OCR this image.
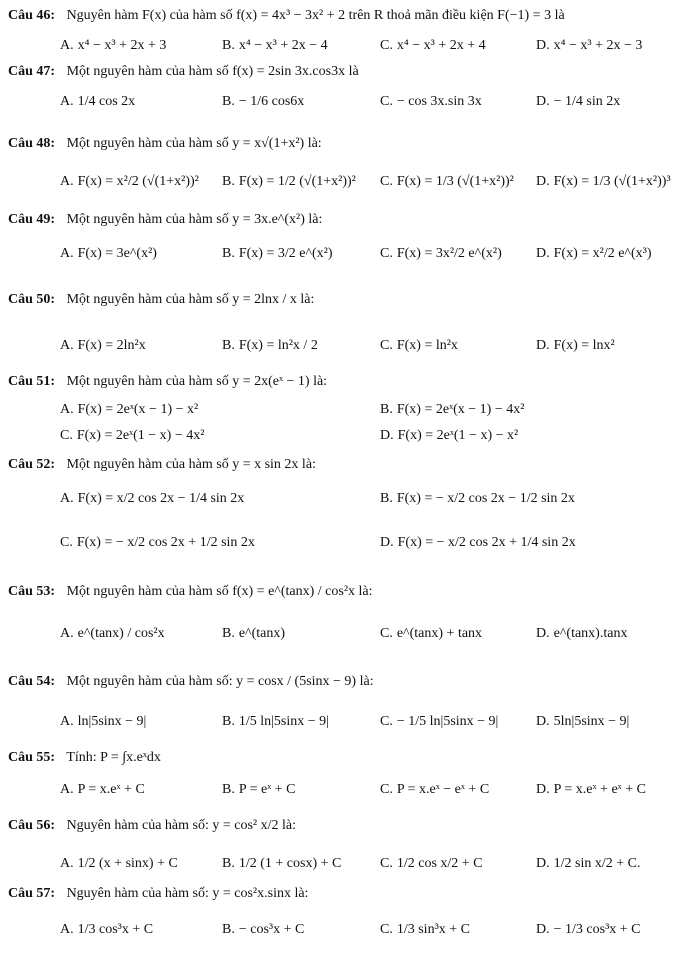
Câu 46: Nguyên hàm F(x) của hàm số f(x) = 4x³ − 3x² + 2 trên R thoả mãn điều kiện F(−1) = 3 là
A. x⁴ − x³ + 2x + 3	B. x⁴ − x³ + 2x − 4	C. x⁴ − x³ + 2x + 4	D. x⁴ − x³ + 2x − 3
Câu 47: Một nguyên hàm của hàm số f(x) = 2sin 3x.cos3x là
A. 1/4 cos 2x	B. − 1/6 cos6x	C. − cos 3x.sin 3x	D. − 1/4 sin 2x
Câu 48: Một nguyên hàm của hàm số y = x√(1+x²) là:
A. F(x) = x²/2 (√(1+x²))² B. F(x) = 1/2 (√(1+x²))² C. F(x) = 1/3 (√(1+x²))² D. F(x) = 1/3 (√(1+x²))³
Câu 49: Một nguyên hàm của hàm số y = 3x.e^(x²) là:
A. F(x) = 3e^(x²)	B. F(x) = 3/2 e^(x²)	C. F(x) = 3x²/2 e^(x²) D. F(x) = x²/2 e^(x³)
Câu 50: Một nguyên hàm của hàm số y = 2lnx / x là:
A. F(x) = 2ln²x	B. F(x) = ln²x / 2	C. F(x) = ln²x	D. F(x) = lnx²
Câu 51: Một nguyên hàm của hàm số y = 2x(eˣ − 1) là:
A. F(x) = 2eˣ(x − 1) − x²	B. F(x) = 2eˣ(x − 1) − 4x²
C. F(x) = 2eˣ(1 − x) − 4x²	D. F(x) = 2eˣ(1 − x) − x²
Câu 52: Một nguyên hàm của hàm số y = x sin 2x là:
A. F(x) = x/2 cos 2x − 1/4 sin 2x	B. F(x) = − x/2 cos 2x − 1/2 sin 2x
C. F(x) = − x/2 cos 2x + 1/2 sin 2x	D. F(x) = − x/2 cos 2x + 1/4 sin 2x
Câu 53: Một nguyên hàm của hàm số f(x) = e^(tanx) / cos²x là:
A. e^(tanx) / cos²x	B. e^(tanx)	C. e^(tanx) + tanx	D. e^(tanx).tanx
Câu 54: Một nguyên hàm của hàm số: y = cosx / (5sinx − 9) là:
A. ln|5sinx − 9|	B. 1/5 ln|5sinx − 9|	C. − 1/5 ln|5sinx − 9|	D. 5ln|5sinx − 9|
Câu 55: Tính: P = ∫x.eˣdx
A. P = x.eˣ + C	B. P = eˣ + C	C. P = x.eˣ − eˣ + C	D. P = x.eˣ + eˣ + C
Câu 56: Nguyên hàm của hàm số: y = cos² x/2 là:
A. 1/2 (x + sinx) + C	B. 1/2 (1 + cosx) + C	C. 1/2 cos x/2 + C	D. 1/2 sin x/2 + C.
Câu 57: Nguyên hàm của hàm số: y = cos²x.sinx là:
A. 1/3 cos³x + C	B. − cos³x + C	C. 1/3 sin³x + C	D. − 1/3 cos³x + C
